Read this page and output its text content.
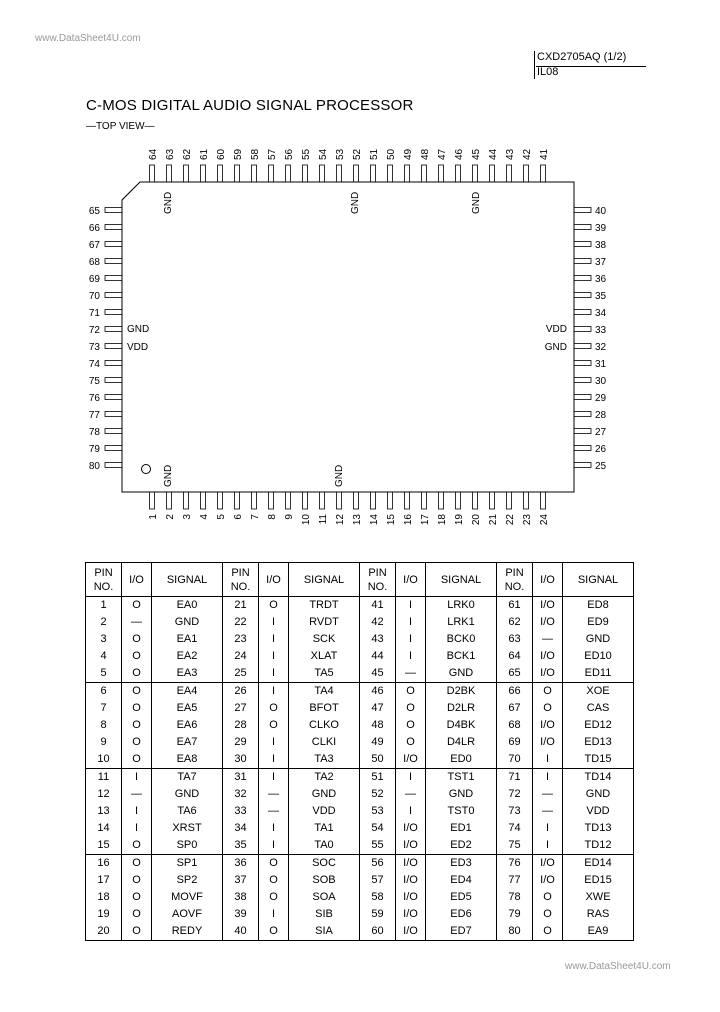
www.DataSheet4U.com
CXD2705AQ (1/2)
IL08
C-MOS DIGITAL AUDIO SIGNAL PROCESSOR
—TOP VIEW—
GND	GND	GND
GND	GND
GND
VDD
VDD
GND
64 63 62 61 60 59 58 57 56 55 54 53 52 51 50 49 48 47 46 45 44 43 42 41
1 2 3 4 5 6 7 8 9 10 11 12 13 14 15 16 17 18 19 20 21 22 23 24
65
66
67
68
69
70
71
72
73
74
75
76
77
78
79
80
40
39
38
37
36
35
34
33
32
31
30
29
28
27
26
25
www.DataSheet4U.com
PIN NO.	I/O	SIGNAL	PIN NO.	I/O	SIGNAL	PIN NO.	I/O	SIGNAL	PIN NO.	I/O	SIGNAL
1	O	EA0	21	O	TRDT	41	I	LRK0	61	I/O	ED8
2	—	GND	22	I	RVDT	42	I	LRK1	62	I/O	ED9
3	O	EA1	23	I	SCK	43	I	BCK0	63	—	GND
4	O	EA2	24	I	XLAT	44	I	BCK1	64	I/O	ED10
5	O	EA3	25	I	TA5	45	—	GND	65	I/O	ED11
6	O	EA4	26	I	TA4	46	O	D2BK	66	O	XOE
7	O	EA5	27	O	BFOT	47	O	D2LR	67	O	CAS
8	O	EA6	28	O	CLKO	48	O	D4BK	68	I/O	ED12
9	O	EA7	29	I	CLKI	49	O	D4LR	69	I/O	ED13
10	O	EA8	30	I	TA3	50	I/O	ED0	70	I	TD15
11	I	TA7	31	I	TA2	51	I	TST1	71	I	TD14
12	—	GND	32	—	GND	52	—	GND	72	—	GND
13	I	TA6	33	—	VDD	53	I	TST0	73	—	VDD
14	I	XRST	34	I	TA1	54	I/O	ED1	74	I	TD13
15	O	SP0	35	I	TA0	55	I/O	ED2	75	I	TD12
16	O	SP1	36	O	SOC	56	I/O	ED3	76	I/O	ED14
17	O	SP2	37	O	SOB	57	I/O	ED4	77	I/O	ED15
18	O	MOVF	38	O	SOA	58	I/O	ED5	78	O	XWE
19	O	AOVF	39	I	SIB	59	I/O	ED6	79	O	RAS
20	O	REDY	40	O	SIA	60	I/O	ED7	80	O	EA9
